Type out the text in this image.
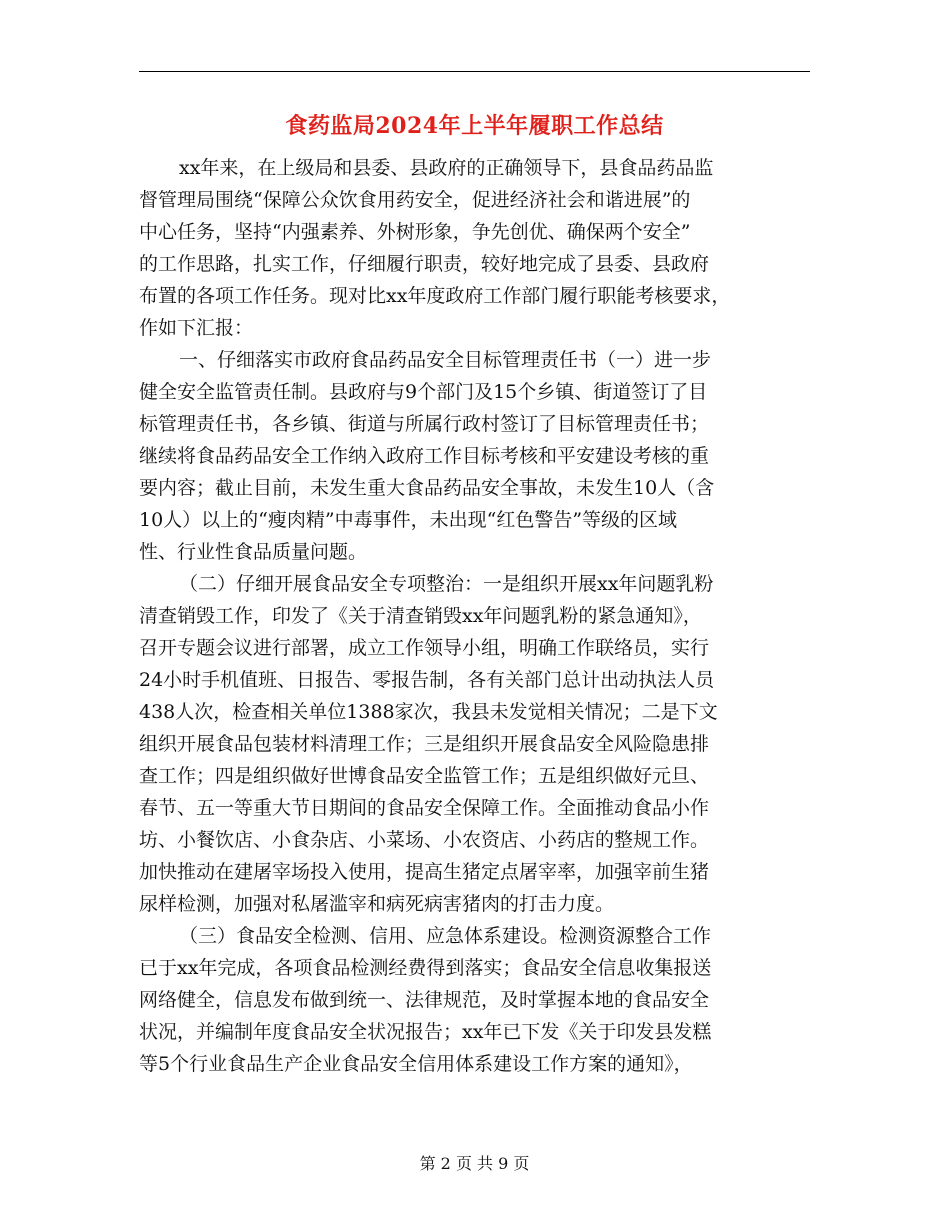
食药监局2024年上半年履职工作总结
xx年来，在上级局和县委、县政府的正确领导下，县食品药品监
督管理局围绕“保障公众饮食用药安全，促进经济社会和谐进展”的
中心任务，坚持“内强素养、外树形象，争先创优、确保两个安全”
的工作思路，扎实工作，仔细履行职责，较好地完成了县委、县政府
布置的各项工作任务。现对比xx年度政府工作部门履行职能考核要求，
作如下汇报：
一、仔细落实市政府食品药品安全目标管理责任书（一）进一步
健全安全监管责任制。县政府与9个部门及15个乡镇、街道签订了目
标管理责任书，各乡镇、街道与所属行政村签订了目标管理责任书；
继续将食品药品安全工作纳入政府工作目标考核和平安建设考核的重
要内容；截止目前，未发生重大食品药品安全事故，未发生10人（含
10人）以上的“瘦肉精”中毒事件，未出现“红色警告”等级的区域
性、行业性食品质量问题。
（二）仔细开展食品安全专项整治：一是组织开展xx年问题乳粉
清查销毁工作，印发了《关于清查销毁xx年问题乳粉的紧急通知》，
召开专题会议进行部署，成立工作领导小组，明确工作联络员，实行
24小时手机值班、日报告、零报告制，各有关部门总计出动执法人员
438人次，检查相关单位1388家次，我县未发觉相关情况；二是下文
组织开展食品包装材料清理工作；三是组织开展食品安全风险隐患排
查工作；四是组织做好世博食品安全监管工作；五是组织做好元旦、
春节、五一等重大节日期间的食品安全保障工作。全面推动食品小作
坊、小餐饮店、小食杂店、小菜场、小农资店、小药店的整规工作。
加快推动在建屠宰场投入使用，提高生猪定点屠宰率，加强宰前生猪
尿样检测，加强对私屠滥宰和病死病害猪肉的打击力度。
（三）食品安全检测、信用、应急体系建设。检测资源整合工作
已于xx年完成，各项食品检测经费得到落实；食品安全信息收集报送
网络健全，信息发布做到统一、法律规范，及时掌握本地的食品安全
状况，并编制年度食品安全状况报告；xx年已下发《关于印发县发糕
等5个行业食品生产企业食品安全信用体系建设工作方案的通知》，
第 2 页 共 9 页
